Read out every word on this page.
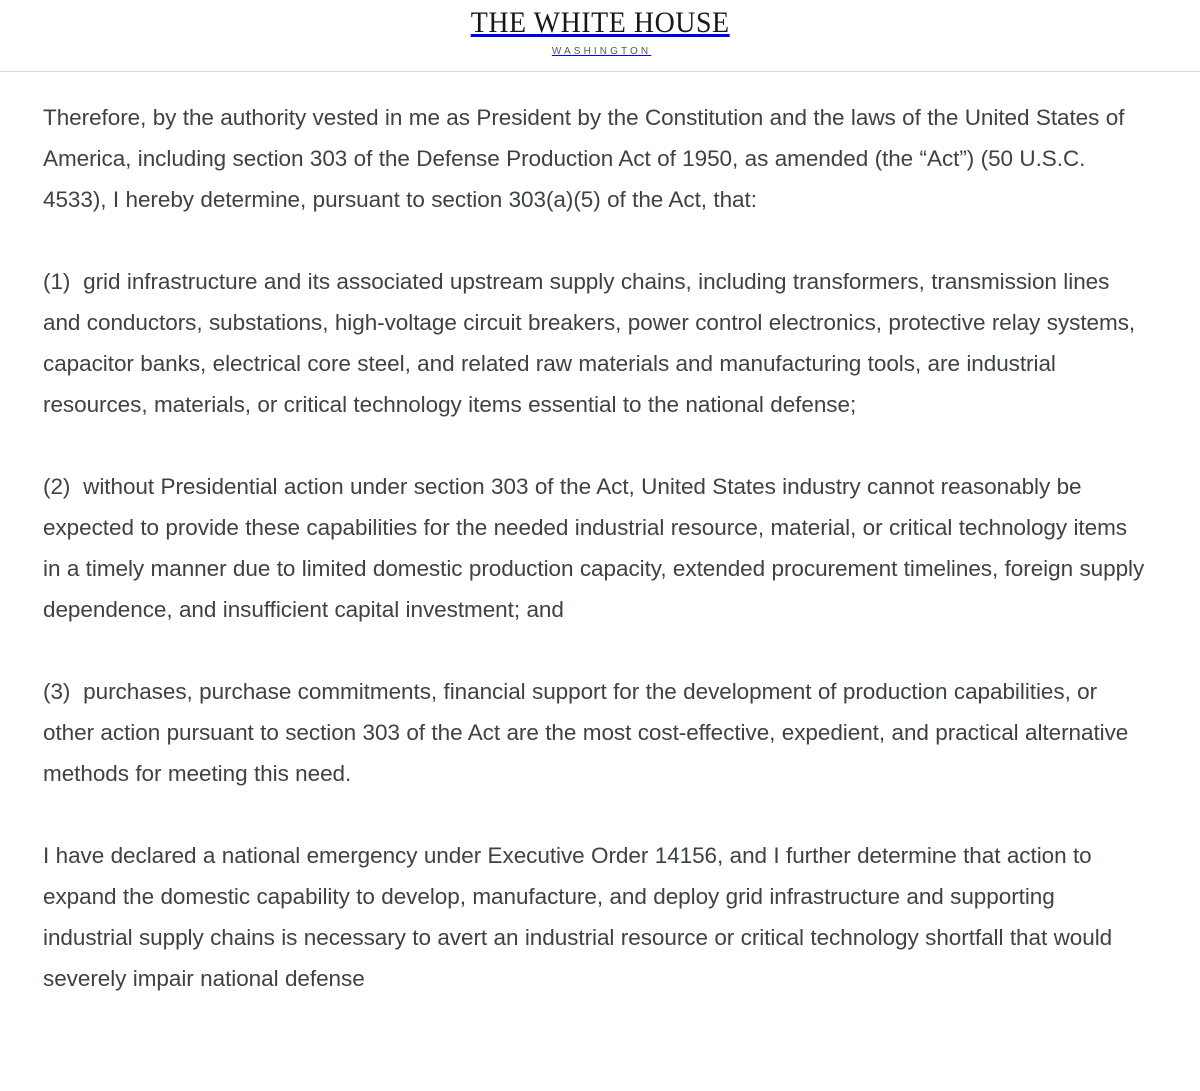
THE WHITE HOUSE
WASHINGTON

Therefore, by the authority vested in me as President by the Constitution and the laws of the United States of America, including section 303 of the Defense Production Act of 1950, as amended (the “Act”) (50 U.S.C. 4533), I hereby determine, pursuant to section 303(a)(5) of the Act, that:

(1)  grid infrastructure and its associated upstream supply chains, including transformers, transmission lines and conductors, substations, high-voltage circuit breakers, power control electronics, protective relay systems, capacitor banks, electrical core steel, and related raw materials and manufacturing tools, are industrial resources, materials, or critical technology items essential to the national defense;

(2)  without Presidential action under section 303 of the Act, United States industry cannot reasonably be expected to provide these capabilities for the needed industrial resource, material, or critical technology items in a timely manner due to limited domestic production capacity, extended procurement timelines, foreign supply dependence, and insufficient capital investment; and

(3)  purchases, purchase commitments, financial support for the development of production capabilities, or other action pursuant to section 303 of the Act are the most cost-effective, expedient, and practical alternative methods for meeting this need.

I have declared a national emergency under Executive Order 14156, and I further determine that action to expand the domestic capability to develop, manufacture, and deploy grid infrastructure and supporting industrial supply chains is necessary to avert an industrial resource or critical technology shortfall that would severely impair national defense
